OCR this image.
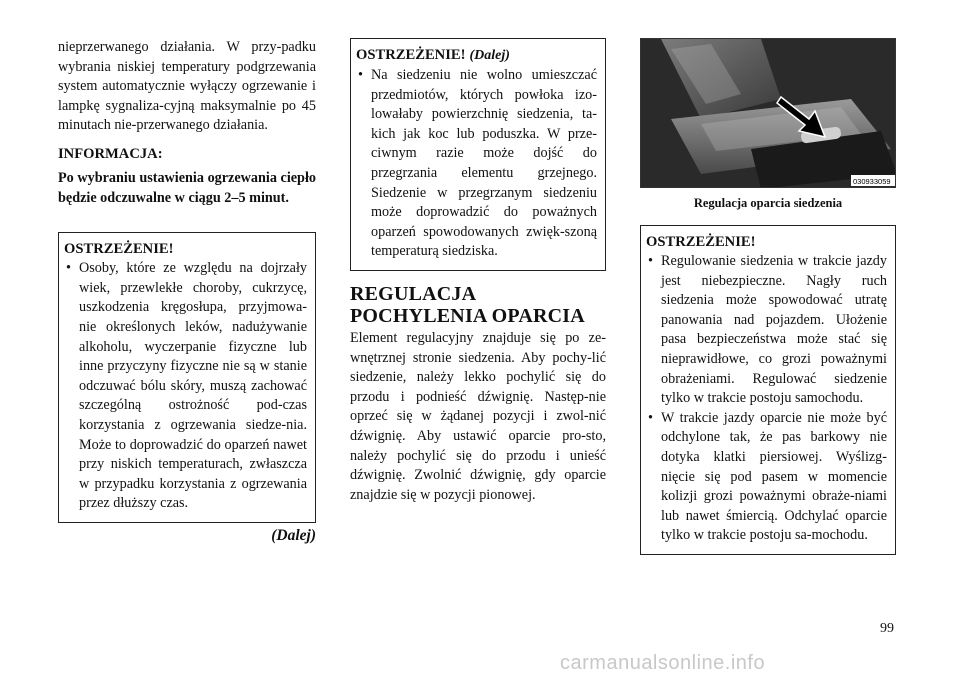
nieprzerwanego działania. W przy-padku wybrania niskiej temperatury podgrzewania system automatycznie wyłączy ogrzewanie i lampkę sygnaliza-cyjną maksymalnie po 45 minutach nie-przerwanego działania.

INFORMACJA:

Po wybraniu ustawienia ogrzewania ciepło będzie odczuwalne w ciągu 2–5 minut.

OSTRZEŻENIE!
• Osoby, które ze względu na dojrzały wiek, przewlekłe choroby, cukrzycę, uszkodzenia kręgosłupa, przyjmowa-nie określonych leków, nadużywanie alkoholu, wyczerpanie fizyczne lub inne przyczyny fizyczne nie są w stanie odczuwać bólu skóry, muszą zachować szczególną ostrożność pod-czas korzystania z ogrzewania siedze-nia. Może to doprowadzić do oparzeń nawet przy niskich temperaturach, zwłaszcza w przypadku korzystania z ogrzewania przez dłuższy czas.
(Dalej)
OSTRZEŻENIE! (Dalej)
• Na siedzeniu nie wolno umieszczać przedmiotów, których powłoka izo-lowałaby powierzchnię siedzenia, ta-kich jak koc lub poduszka. W prze-ciwnym razie może dojść do przegrzania elementu grzejnego. Siedzenie w przegrzanym siedzeniu może doprowadzić do poważnych oparzeń spowodowanych zwięk-szoną temperaturą siedziska.
REGULACJA POCHYLENIA OPARCIA

Element regulacyjny znajduje się po ze-wnętrznej stronie siedzenia. Aby pochy-lić siedzenie, należy lekko pochylić się do przodu i podnieść dźwignię. Następ-nie oprzeć się w żądanej pozycji i zwol-nić dźwignię. Aby ustawić oparcie pro-sto, należy pochylić się do przodu i unieść dźwignię. Zwolnić dźwignię, gdy oparcie znajdzie się w pozycji pionowej.

030933059
Regulacja oparcia siedzenia
OSTRZEŻENIE!
• Regulowanie siedzenia w trakcie jazdy jest niebezpieczne. Nagły ruch siedzenia może spowodować utratę panowania nad pojazdem. Ułożenie pasa bezpieczeństwa może stać się nieprawidłowe, co grozi poważnymi obrażeniami. Regulować siedzenie tylko w trakcie postoju samochodu.
• W trakcie jazdy oparcie nie może być odchylone tak, że pas barkowy nie dotyka klatki piersiowej. Wyślizg-nięcie się pod pasem w momencie kolizji grozi poważnymi obraże-niami lub nawet śmiercią. Odchylać oparcie tylko w trakcie postoju sa-mochodu.
99
carmanualsonline.info
